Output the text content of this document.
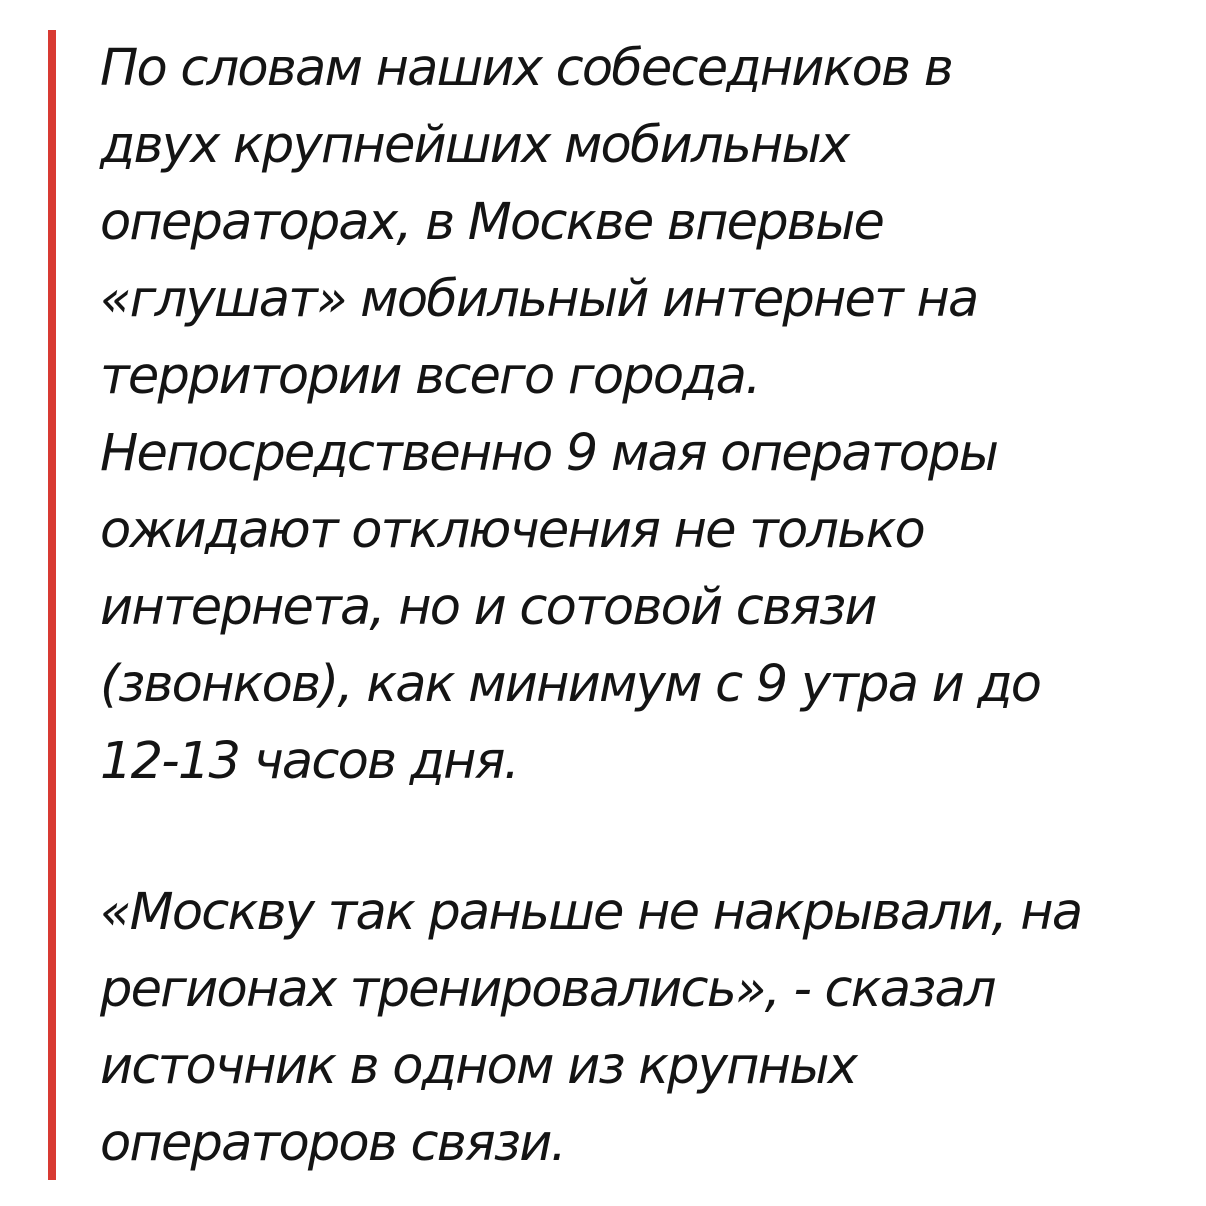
По словам наших собеседников в
двух крупнейших мобильных
операторах, в Москве впервые
«глушат» мобильный интернет на
территории всего города.
Непосредственно 9 мая операторы
ожидают отключения не только
интернета, но и сотовой связи
(звонков), как минимум с 9 утра и до
12-13 часов дня.
«Москву так раньше не накрывали, на
регионах тренировались», - сказал
источник в одном из крупных
операторов связи.
